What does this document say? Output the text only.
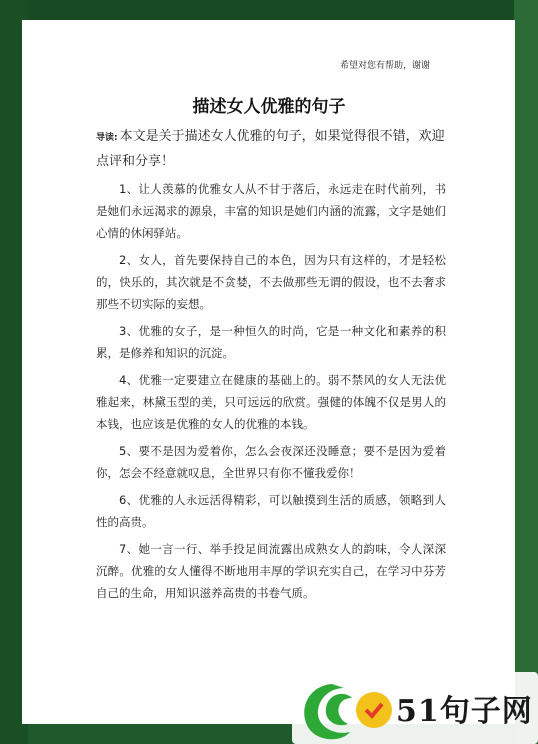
希望对您有帮助，谢谢
描述女人优雅的句子
导读: 本文是关于描述女人优雅的句子，如果觉得很不错，欢迎点评和分享！

1、让人羡慕的优雅女人从不甘于落后，永远走在时代前列，书是她们永远渴求的源泉，丰富的知识是她们内涵的流露，文字是她们心情的休闲驿站。

2、女人，首先要保持自己的本色，因为只有这样的，才是轻松的，快乐的，其次就是不贪婪，不去做那些无谓的假设，也不去奢求那些不切实际的妄想。

3、优雅的女子，是一种恒久的时尚，它是一种文化和素养的积累，是修养和知识的沉淀。

4、优雅一定要建立在健康的基础上的。弱不禁风的女人无法优雅起来，林黛玉型的美，只可远远的欣赏。强健的体魄不仅是男人的本钱，也应该是优雅的女人的优雅的本钱。

5、要不是因为爱着你，怎么会夜深还没睡意；要不是因为爱着你，怎会不经意就叹息，全世界只有你不懂我爱你！

6、优雅的人永远活得精彩，可以触摸到生活的质感，领略到人性的高贵。

7、她一言一行、举手投足间流露出成熟女人的韵味，令人深深沉醉。优雅的女人懂得不断地用丰厚的学识充实自己，在学习中芬芳自己的生命，用知识滋养高贵的书卷气质。

51句子网
